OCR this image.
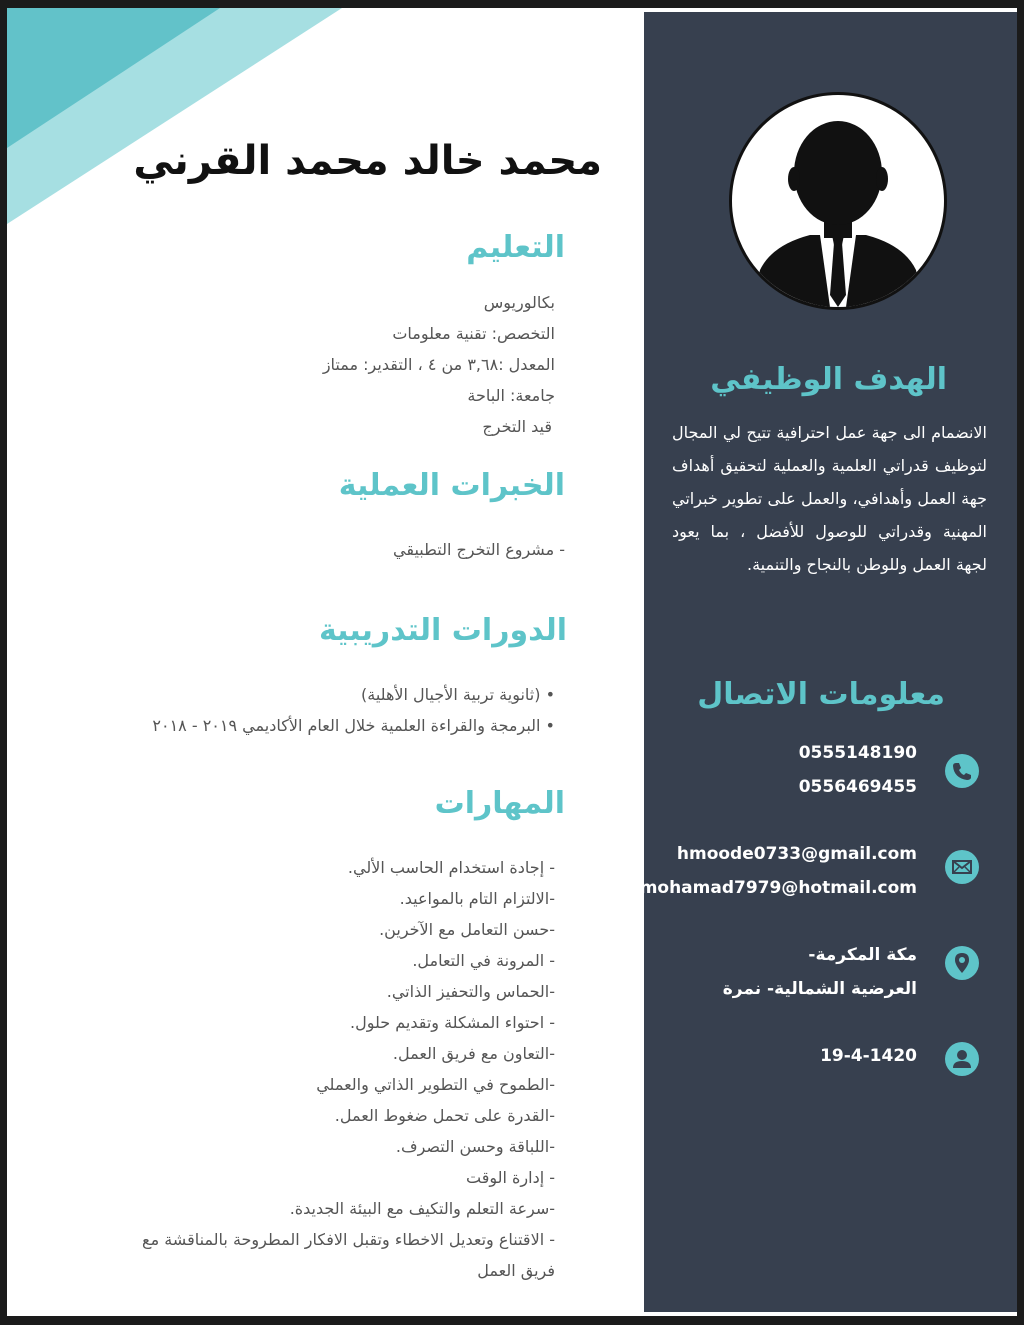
محمد خالد محمد القرني
التعليم
بكالوريوس
التخصص: تقنية معلومات
المعدل :٣,٦٨ من ٤ ، التقدير: ممتاز
جامعة: الباحة
قيد التخرج
الخبرات العملية
- مشروع التخرج التطبيقي
الدورات التدريبية
• (ثانوية تربية الأجيال الأهلية)
• البرمجة والقراءة العلمية خلال العام الأكاديمي ٢٠١٩ - ٢٠١٨
المهارات
- إجادة استخدام الحاسب الألي.
-الالتزام التام بالمواعيد.
-حسن التعامل مع الآخرين.
- المرونة في التعامل.
-الحماس والتحفيز الذاتي.
- احتواء المشكلة وتقديم حلول.
-التعاون مع فريق العمل.
-الطموح في التطوير الذاتي والعملي
-القدرة على تحمل ضغوط العمل.
-اللباقة وحسن التصرف.
- إدارة الوقت
-سرعة التعلم والتكيف مع البيئة الجديدة.
- الاقتناع وتعديل الاخطاء وتقبل الافكار المطروحة بالمناقشة مع
فريق العمل
الهدف الوظيفي
الانضمام الى جهة عمل احترافية تتيح لي المجال لتوظيف قدراتي العلمية والعملية لتحقيق أهداف جهة العمل وأهدافي، والعمل على تطوير خبراتي المهنية وقدراتي للوصول للأفضل ، بما يعود لجهة العمل وللوطن بالنجاح والتنمية.
معلومات الاتصال
0555148190
0556469455
hmoode0733@gmail.com
mohamad7979@hotmail.com
مكة المكرمة-
العرضية الشمالية- نمرة
19-4-1420
